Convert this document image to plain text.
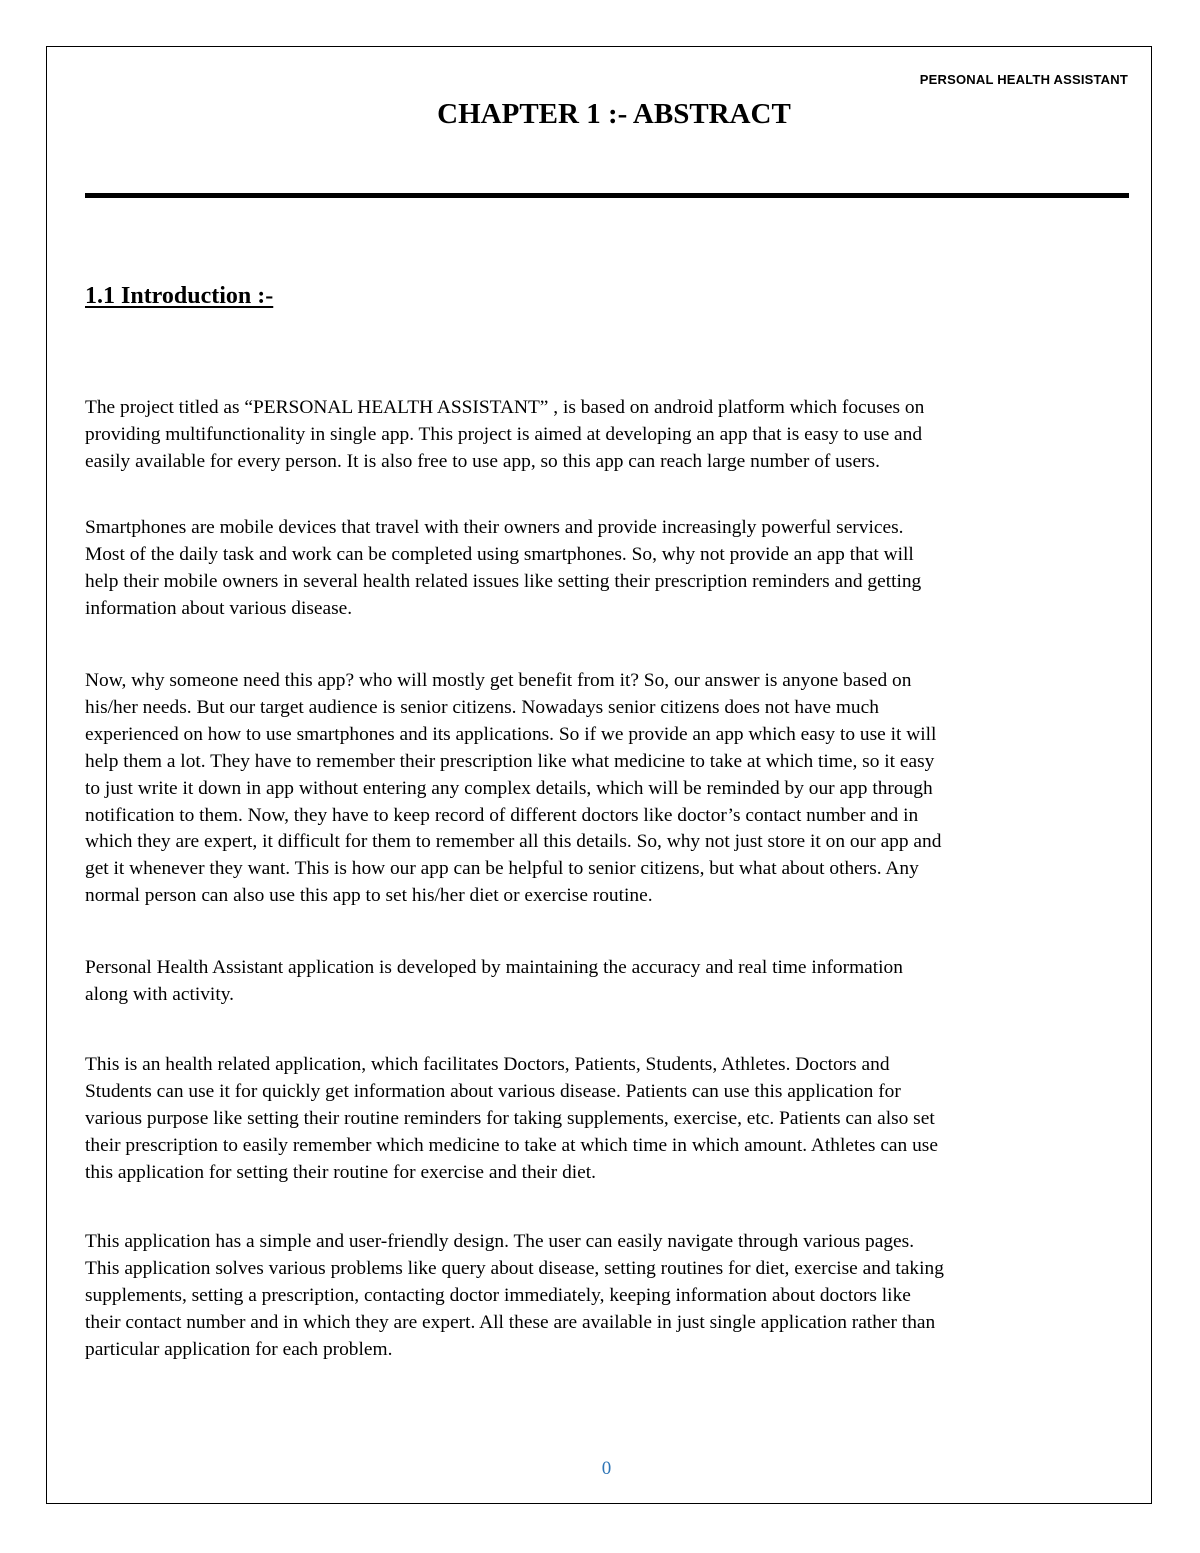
PERSONAL HEALTH ASSISTANT
CHAPTER 1 :- ABSTRACT
1.1 Introduction :-

The project titled as “PERSONAL HEALTH ASSISTANT” , is based on android platform which focuses on
providing multifunctionality in single app. This project is aimed at developing an app that is easy to use and
easily available for every person. It is also free to use app, so this app can reach large number of users.

Smartphones are mobile devices that travel with their owners and provide increasingly powerful services.
Most of the daily task and work can be completed using smartphones. So, why not provide an app that will
help their mobile owners in several health related issues like setting their prescription reminders and getting
information about various disease.

Now, why someone need this app? who will mostly get benefit from it? So, our answer is anyone based on
his/her needs. But our target audience is senior citizens. Nowadays senior citizens does not have much
experienced on how to use smartphones and its applications. So if we provide an app which easy to use it will
help them a lot. They have to remember their prescription like what medicine to take at which time, so it easy
to just write it down in app without entering any complex details, which will be reminded by our app through
notification to them. Now, they have to keep record of different doctors like doctor’s contact number and in
which they are expert, it difficult for them to remember all this details. So, why not just store it on our app and
get it whenever they want. This is how our app can be helpful to senior citizens, but what about others. Any
normal person can also use this app to set his/her diet or exercise routine.

Personal Health Assistant application is developed by maintaining the accuracy and real time information
along with activity.

This is an health related application, which facilitates Doctors, Patients, Students, Athletes. Doctors and
Students can use it for quickly get information about various disease. Patients can use this application for
various purpose like setting their routine reminders for taking supplements, exercise, etc. Patients can also set
their prescription to easily remember which medicine to take at which time in which amount. Athletes can use
this application for setting their routine for exercise and their diet.

This application has a simple and user-friendly design. The user can easily navigate through various pages.
This application solves various problems like query about disease, setting routines for diet, exercise and taking
supplements, setting a prescription, contacting doctor immediately, keeping information about doctors like
their contact number and in which they are expert. All these are available in just single application rather than
particular application for each problem.

0
